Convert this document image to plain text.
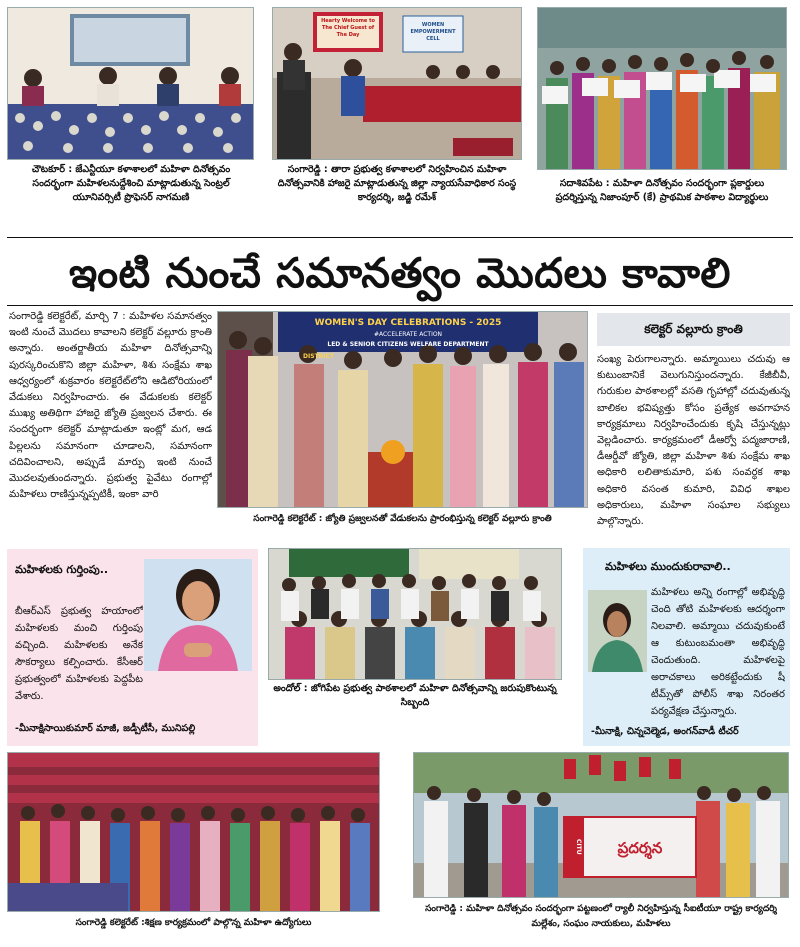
చౌటకూర్ : జేఎన్టీయూ కళాశాలలో మహిళా దినోత్సవం సందర్భంగా మహిళలనుద్దేశించి మాట్లాడుతున్న సెంట్రల్ యూనివర్సిటీ ప్రొఫెసర్ నాగమణి
Hearty Welcome to The Chief Guest of The Day
WOMEN EMPOWERMENT CELL
సంగారెడ్డి : తారా ప్రభుత్వ కళాశాలలో నిర్వహించిన మహిళా దినోత్సవానికి హాజరై మాట్లాడుతున్న జిల్లా న్యాయసేవాధికార సంస్థ కార్యదర్శి, జడ్జి రమేశ్
సదాశివపేట : మహిళా దినోత్సవం సందర్భంగా ప్లకార్డులు ప్రదర్శిస్తున్న నిజాంపూర్ (కే) ప్రాథమిక పాఠశాల విద్యార్థులు
ఇంటి నుంచే సమానత్వం మొదలు కావాలి
సంగారెడ్డి కలెక్టరేట్, మార్చి 7 : మహిళల సమానత్వం ఇంటి నుంచే మొదలు కావాలని కలెక్టర్ వల్లూరు క్రాంతి అన్నారు. అంతర్జాతీయ మహిళా దినోత్సవాన్ని పురస్కరించుకొని జిల్లా మహిళా, శిశు సంక్షేమ శాఖ ఆధ్వర్యంలో శుక్రవారం కలెక్టరేట్‌లోని ఆడిటోరియంలో వేడుకలు నిర్వహించారు. ఈ వేడుకలకు కలెక్టర్ ముఖ్య అతిథిగా హాజరై జ్యోతి ప్రజ్వలన చేశారు. ఈ సందర్భంగా కలెక్టర్ మాట్లాడుతూ ఇంట్లో మగ, ఆడ పిల్లలను సమానంగా చూడాలని, సమానంగా చదివించాలని, అప్పుడే మార్పు ఇంటి నుంచే మొదలవుతుందన్నారు. ప్రభుత్వ పైవేటు రంగాల్లో మహిళలు రాణిస్తున్నప్పటికీ, ఇంకా వారి
WOMEN'S DAY CELEBRATIONS - 2025
#ACCELERATE ACTION
LED & SENIOR CITIZENS WELFARE DEPARTMENT
DISTRICT
సంగారెడ్డి కలెక్టరేట్ : జ్యోతి ప్రజ్వలనతో వేడుకలను ప్రారంభిస్తున్న కలెక్టర్ వల్లూరు క్రాంతి
కలెక్టర్ వల్లూరు క్రాంతి
సంఖ్య పెరుగాలన్నారు. అమ్మాయిలు చదువు ఆ కుటుంబానికే వెలుగునిస్తుందన్నారు. కేజీబీవీ, గురుకుల పాఠశాలల్లో వసతి గృహాల్లో చదువుతున్న బాలికల భవిష్యత్తు కోసం ప్రత్యేక అవగాహన కార్యక్రమాలు నిర్వహించేందుకు కృషి చేస్తున్నట్లు వెల్లడించారు. కార్యక్రమంలో డీఆర్వో పద్మజారాణి, డీఆర్డీవో జ్యోతి, జిల్లా మహిళా శిశు సంక్షేమ శాఖ అధికారి లలితాకుమారి, పశు సంవర్ధక శాఖ అధికారి వసంత కుమారి, వివిధ శాఖల అధికారులు, మహిళా సంఘాల సభ్యులు పాల్గొన్నారు.
మహిళలకు గుర్తింపు..
బీఆర్ఎస్ ప్రభుత్వ హయాంలో మహిళలకు మంచి గుర్తింపు వచ్చింది. మహిళలకు అనేక సౌకర్యాలు కల్పించారు. కేసీఆర్ ప్రభుత్వంలో మహిళలకు పెద్దపీట వేశారు.
-మీనాక్షిసాయికుమార్ మాజీ, జడ్పీటీసీ, మునిపల్లి
అందోల్ : జోగిపేట ప్రభుత్వ పాఠశాలలో మహిళా దినోత్సవాన్ని జరుపుకొంటున్న సిబ్బంది
మహిళలు ముందుకురావాలి..
మహిళలు అన్ని రంగాల్లో అభివృద్ధి చెంది తోటి మహిళలకు ఆదర్శంగా నిలవాలి. అమ్మాయి చదువుకుంటే ఆ కుటుంబమంతా అభివృద్ధి చెందుతుంది. మహిళలపై అరాచకాలు అరికట్టేందుకు షీ టీమ్స్‌తో పోలీస్ శాఖ నిరంతర పర్యవేక్షణ చేస్తున్నారు.
-మీనాక్షి, చిన్నచెల్మెడ, అంగన్‌వాడీ టీచర్
సంగారెడ్డి కలెక్టరేట్ :శిక్షణ కార్యక్రమంలో పాల్గొన్న మహిళా ఉద్యోగులు
CITU	ప్రదర్శన
సంగారెడ్డి : మహిళా దినోత్సవం సందర్భంగా పట్టణంలో ర్యాలీ నిర్వహిస్తున్న సీఐటీయూ రాష్ట్ర కార్యదర్శి మల్లేశం, సంఘం నాయకులు, మహిళలు
